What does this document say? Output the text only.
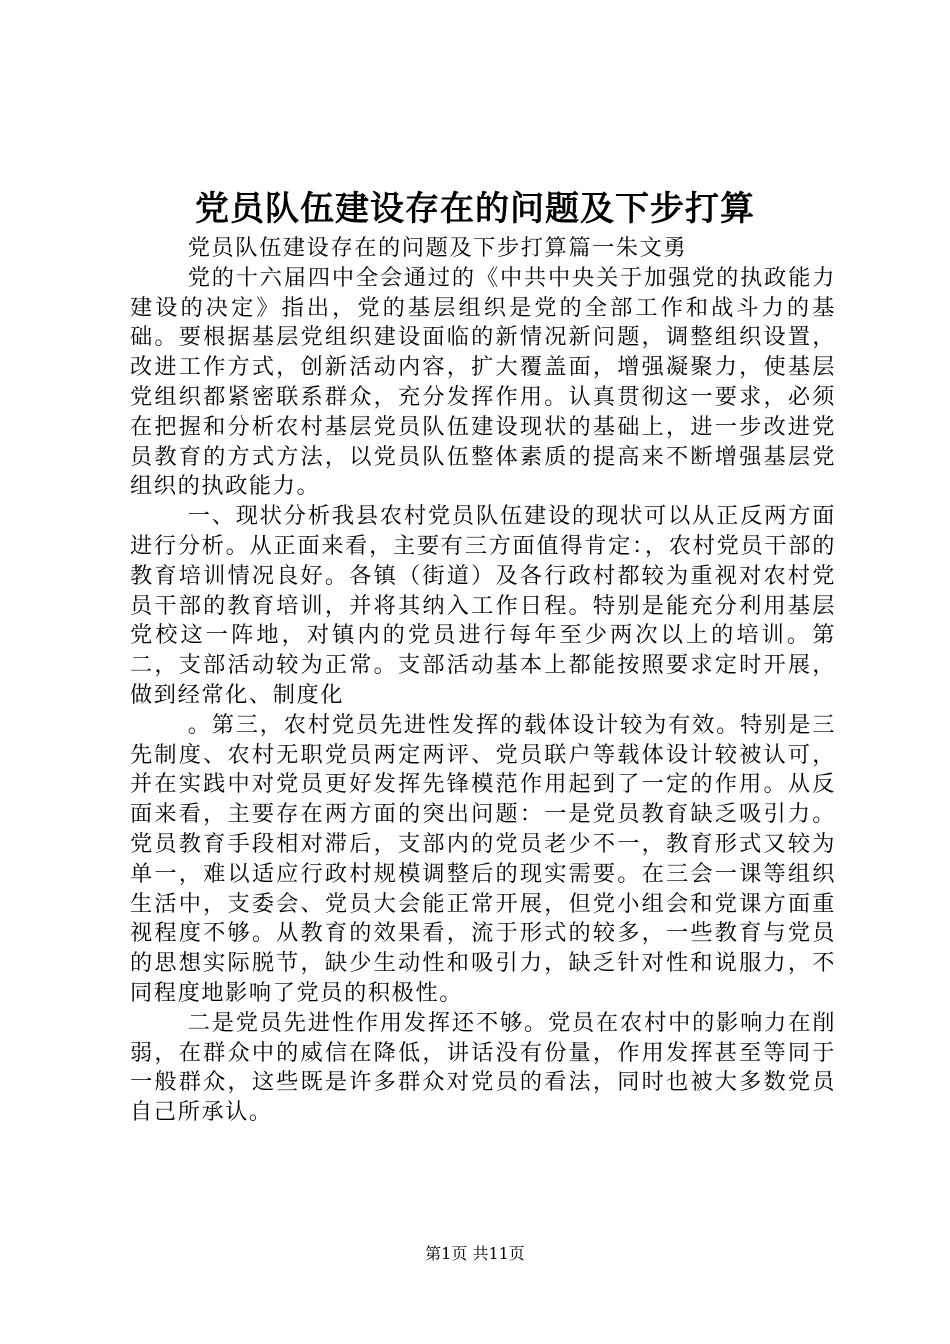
党员队伍建设存在的问题及下步打算

党员队伍建设存在的问题及下步打算篇一朱文勇

党的十六届四中全会通过的《中共中央关于加强党的执政能力建设的决定》指出，党的基层组织是党的全部工作和战斗力的基础。要根据基层党组织建设面临的新情况新问题，调整组织设置，改进工作方式，创新活动内容，扩大覆盖面，增强凝聚力，使基层党组织都紧密联系群众，充分发挥作用。认真贯彻这一要求，必须在把握和分析农村基层党员队伍建设现状的基础上，进一步改进党员教育的方式方法，以党员队伍整体素质的提高来不断增强基层党组织的执政能力。

一、现状分析我县农村党员队伍建设的现状可以从正反两方面进行分析。从正面来看，主要有三方面值得肯定：，农村党员干部的教育培训情况良好。各镇（街道）及各行政村都较为重视对农村党员干部的教育培训，并将其纳入工作日程。特别是能充分利用基层党校这一阵地，对镇内的党员进行每年至少两次以上的培训。第二，支部活动较为正常。支部活动基本上都能按照要求定时开展，做到经常化、制度化

。第三，农村党员先进性发挥的载体设计较为有效。特别是三先制度、农村无职党员两定两评、党员联户等载体设计较被认可，并在实践中对党员更好发挥先锋模范作用起到了一定的作用。从反面来看，主要存在两方面的突出问题：一是党员教育缺乏吸引力。党员教育手段相对滞后，支部内的党员老少不一，教育形式又较为单一，难以适应行政村规模调整后的现实需要。在三会一课等组织生活中，支委会、党员大会能正常开展，但党小组会和党课方面重视程度不够。从教育的效果看，流于形式的较多，一些教育与党员的思想实际脱节，缺少生动性和吸引力，缺乏针对性和说服力，不同程度地影响了党员的积极性。

二是党员先进性作用发挥还不够。党员在农村中的影响力在削弱，在群众中的威信在降低，讲话没有份量，作用发挥甚至等同于一般群众，这些既是许多群众对党员的看法，同时也被大多数党员自己所承认。

第1页 共11页
